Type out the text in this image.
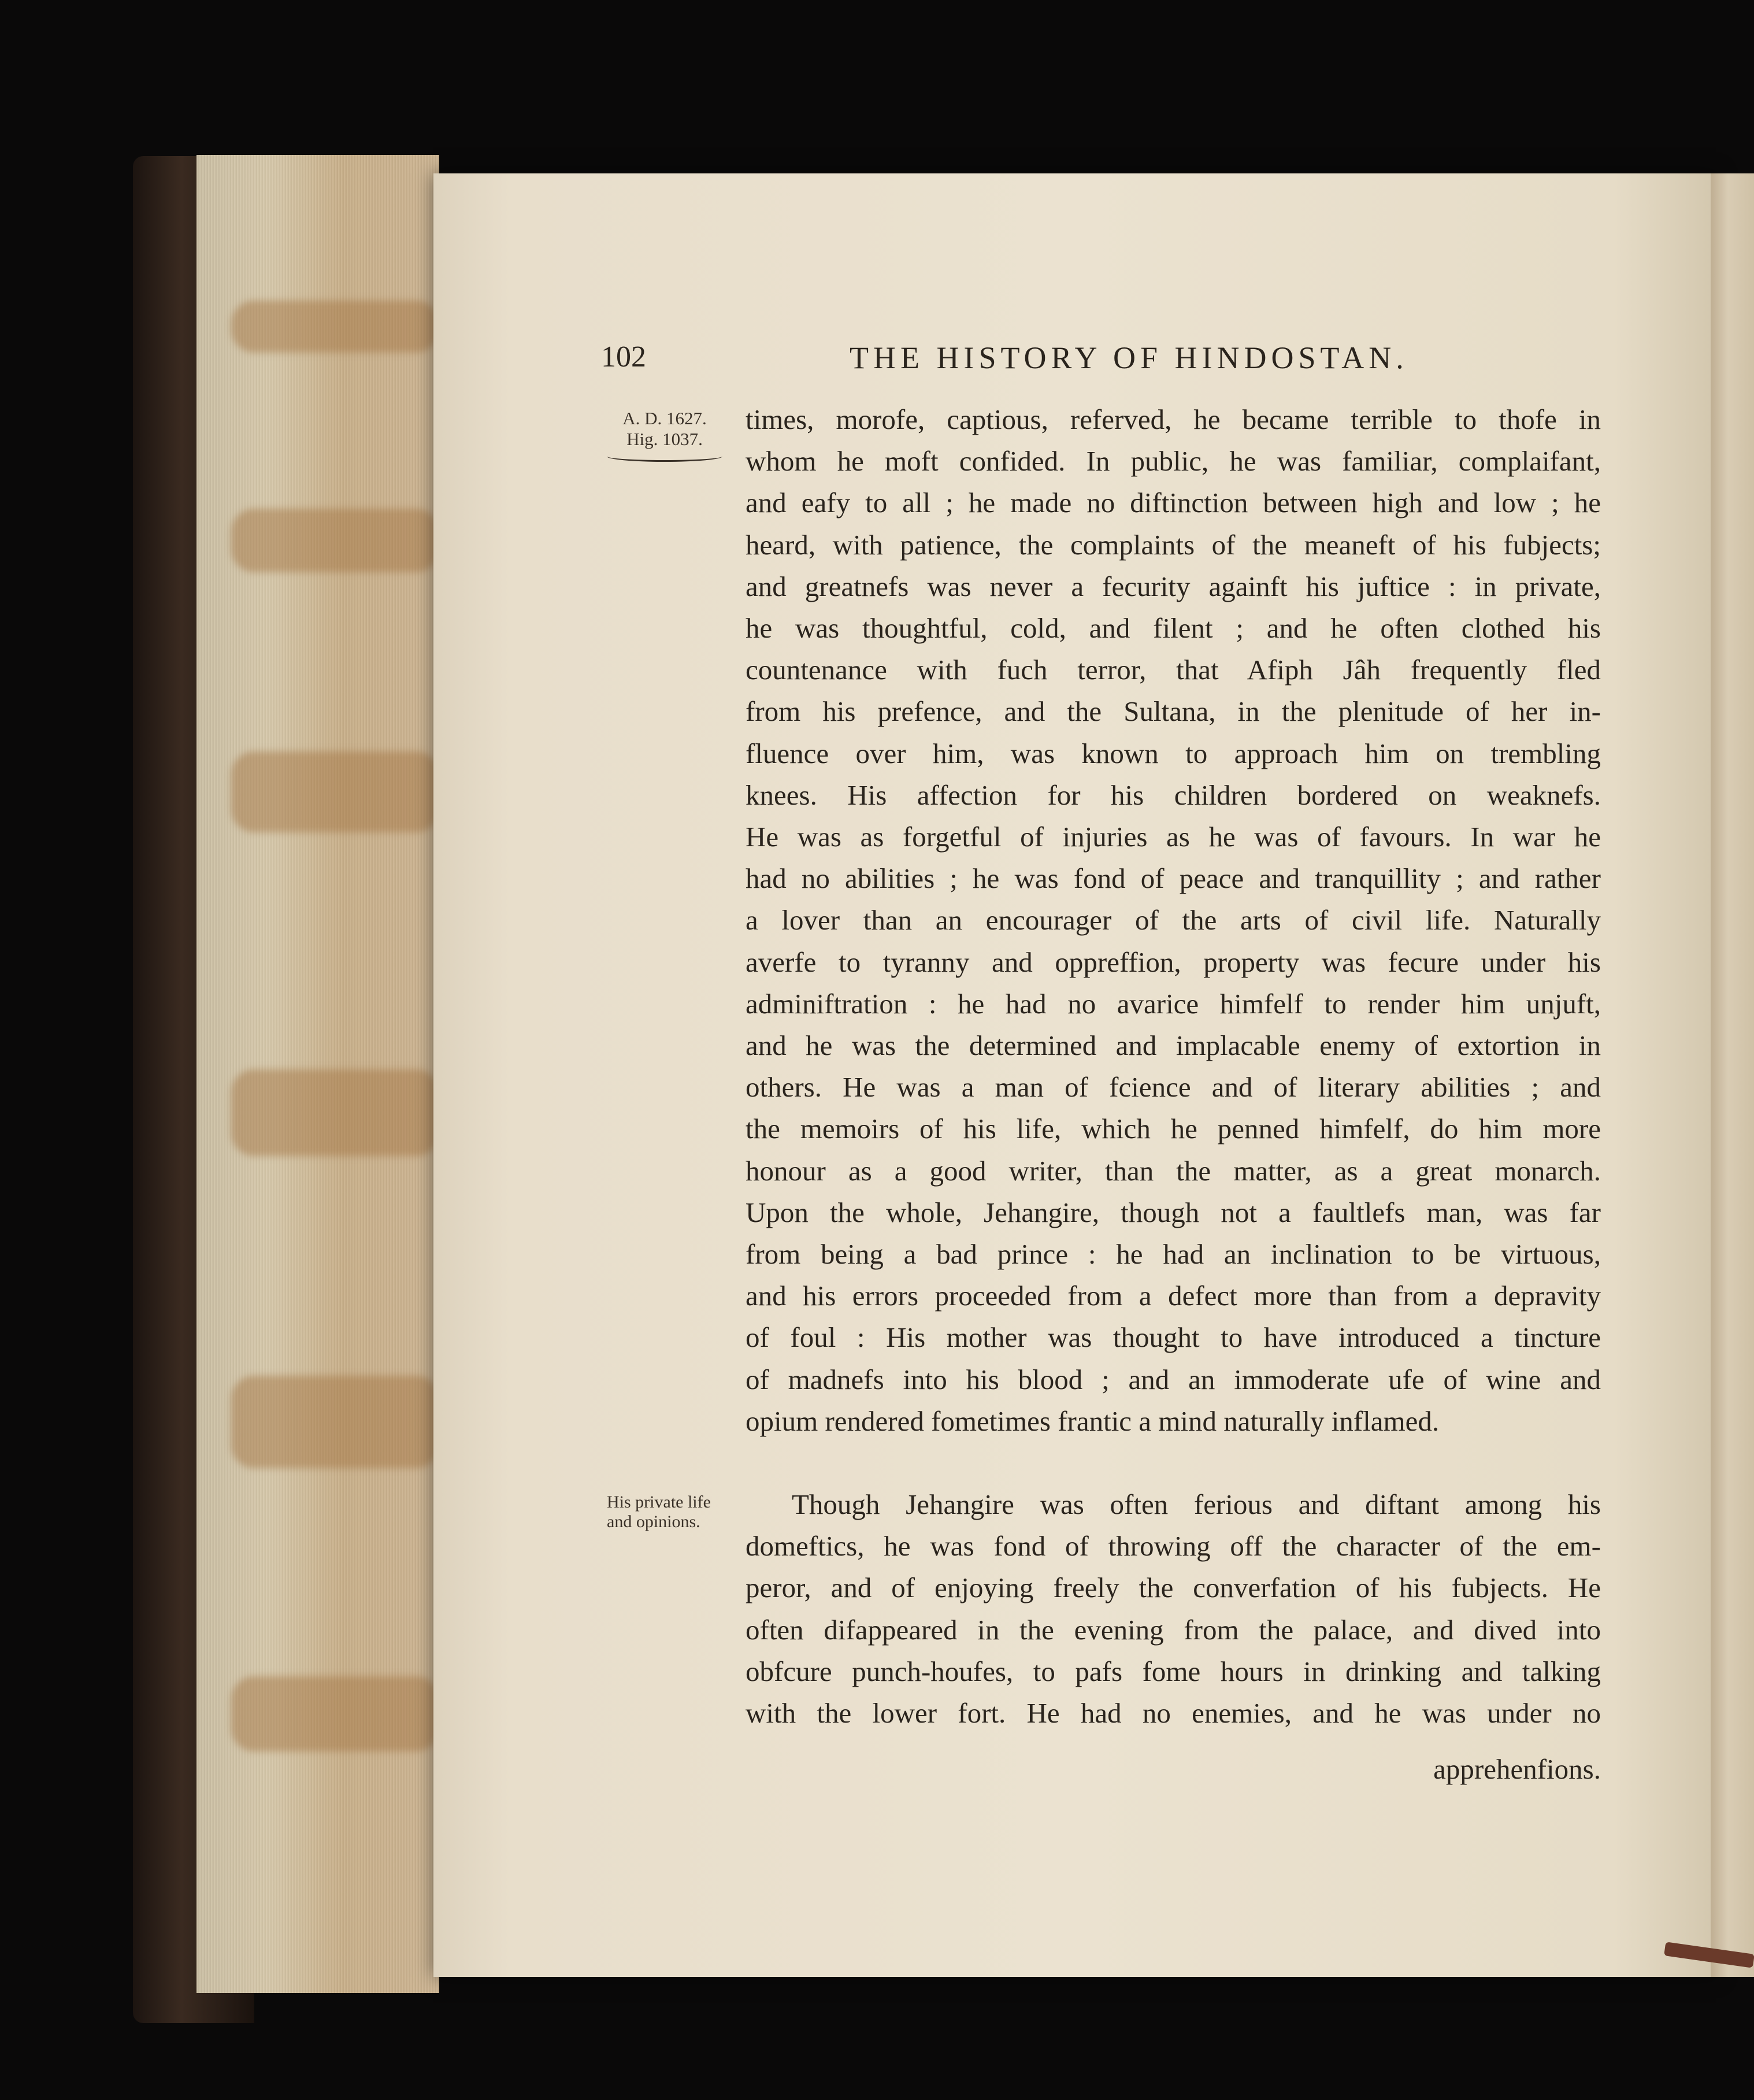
102	THE HISTORY OF HINDOSTAN.
A. D. 1627.
Hig. 1037.
His private life and opinions.
times, morofe, captious, referved, he became terrible to thofe in
whom he moft confided. In public, he was familiar, complaifant,
and eafy to all ; he made no diftinction between high and low ; he
heard, with patience, the complaints of the meaneft of his fubjects;
and greatnefs was never a fecurity againft his juftice : in private,
he was thoughtful, cold, and filent ; and he often clothed his
countenance with fuch terror, that Afiph Jâh frequently fled
from his prefence, and the Sultana, in the plenitude of her in-
fluence over him, was known to approach him on trembling
knees. His affection for his children bordered on weaknefs.
He was as forgetful of injuries as he was of favours. In war he
had no abilities ; he was fond of peace and tranquillity ; and rather
a lover than an encourager of the arts of civil life. Naturally
averfe to tyranny and oppreffion, property was fecure under his
adminiftration : he had no avarice himfelf to render him unjuft,
and he was the determined and implacable enemy of extortion in
others. He was a man of fcience and of literary abilities ; and
the memoirs of his life, which he penned himfelf, do him more
honour as a good writer, than the matter, as a great monarch.
Upon the whole, Jehangire, though not a faultlefs man, was far
from being a bad prince : he had an inclination to be virtuous,
and his errors proceeded from a defect more than from a depravity
of foul : His mother was thought to have introduced a tincture
of madnefs into his blood ; and an immoderate ufe of wine and
opium rendered fometimes frantic a mind naturally inflamed.
Though Jehangire was often ferious and diftant among his
domeftics, he was fond of throwing off the character of the em-
peror, and of enjoying freely the converfation of his fubjects. He
often difappeared in the evening from the palace, and dived into
obfcure punch-houfes, to pafs fome hours in drinking and talking
with the lower fort. He had no enemies, and he was under no
apprehenfions.
